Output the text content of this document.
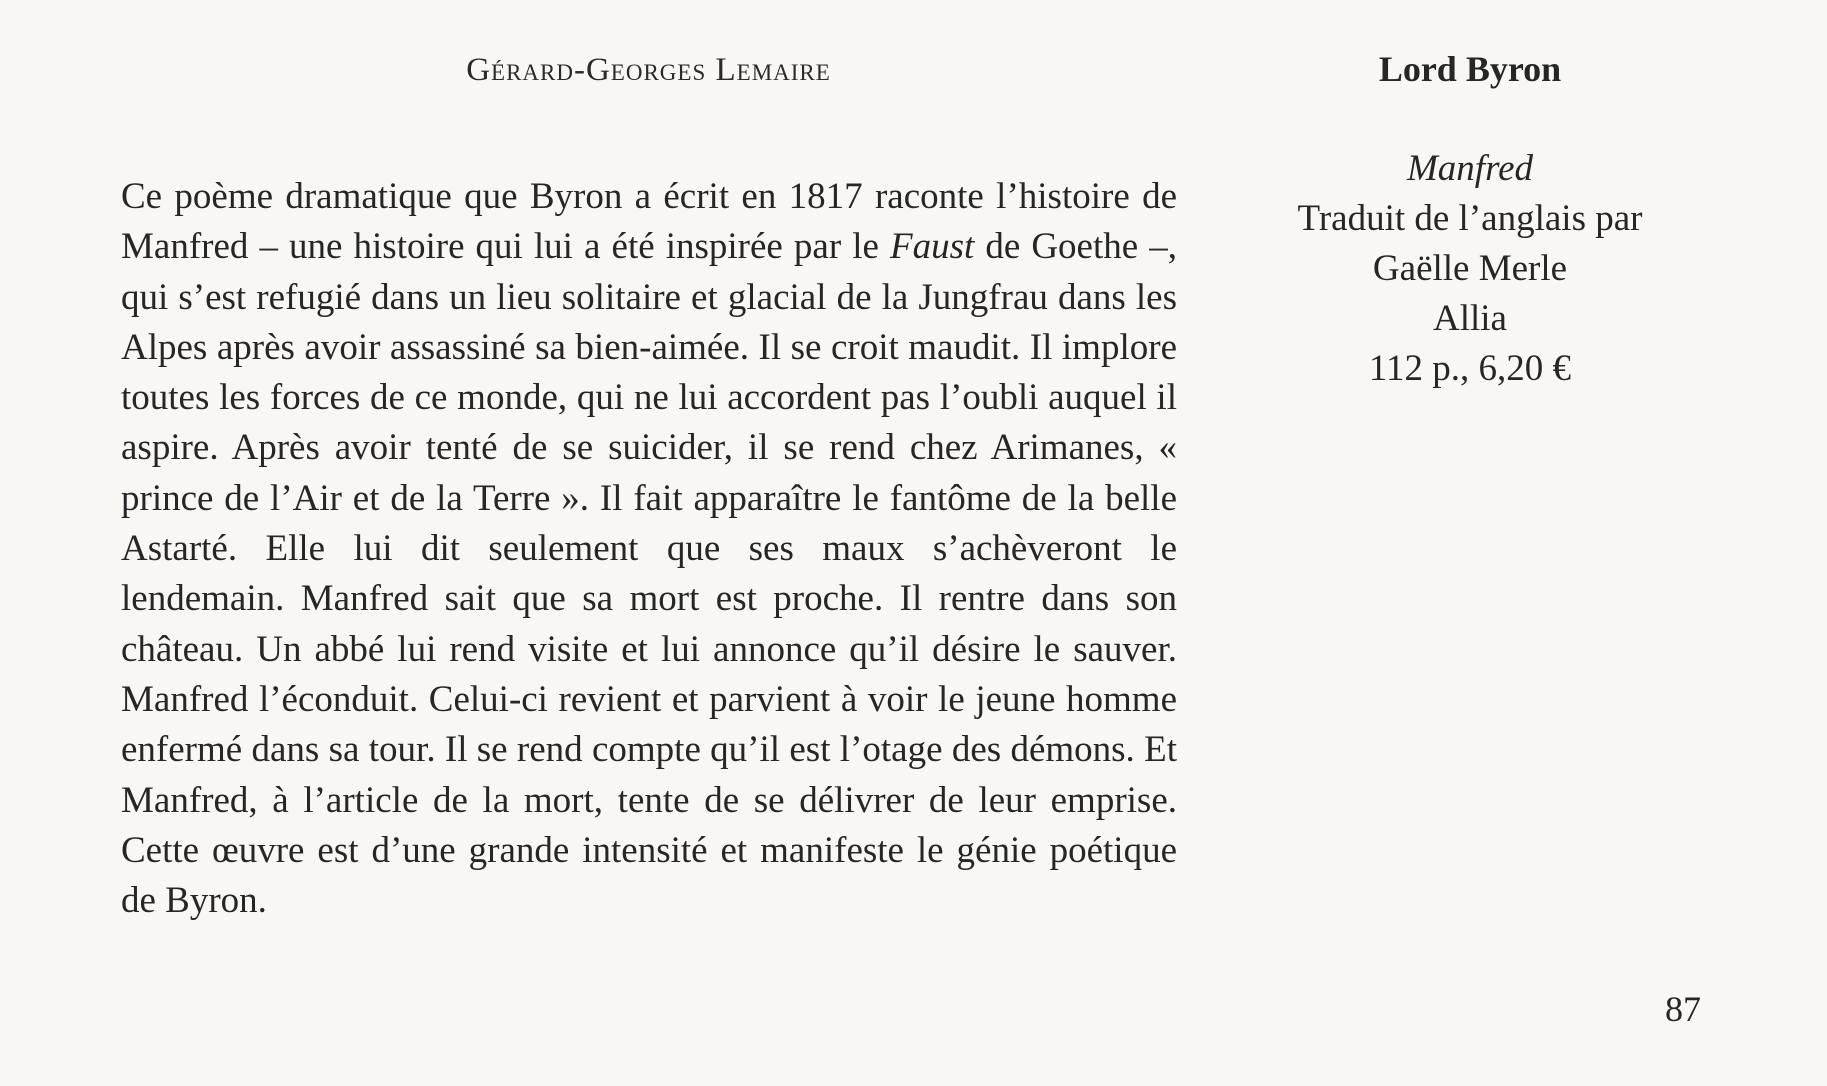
Gérard-Georges Lemaire

Ce poème dramatique que Byron a écrit en 1817 raconte l’histoire de Manfred – une histoire qui lui a été inspirée par le Faust de Goethe –, qui s’est refugié dans un lieu solitaire et glacial de la Jungfrau dans les Alpes après avoir assassiné sa bien-aimée. Il se croit maudit. Il implore toutes les forces de ce monde, qui ne lui accordent pas l’oubli auquel il aspire. Après avoir tenté de se suicider, il se rend chez Arimanes, « prince de l’Air et de la Terre ». Il fait apparaître le fantôme de la belle Astarté. Elle lui dit seulement que ses maux s’achèveront le lendemain. Manfred sait que sa mort est proche. Il rentre dans son château. Un abbé lui rend visite et lui annonce qu’il désire le sauver. Manfred l’éconduit. Celui-ci revient et parvient à voir le jeune homme enfermé dans sa tour. Il se rend compte qu’il est l’otage des démons. Et Manfred, à l’article de la mort, tente de se délivrer de leur emprise. Cette œuvre est d’une grande intensité et manifeste le génie poétique de Byron.

Lord Byron
Manfred
Traduit de l’anglais par
Gaëlle Merle
Allia
112 p., 6,20 €
87
